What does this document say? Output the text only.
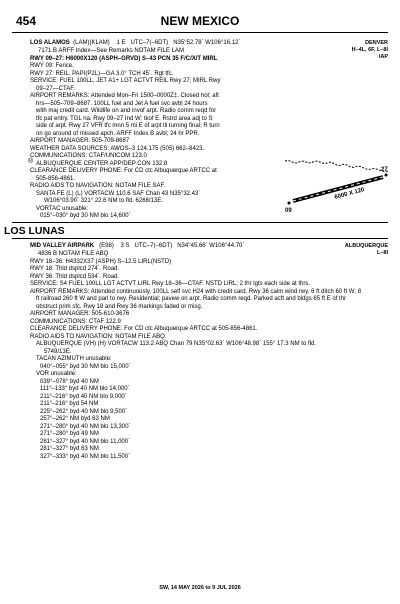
454	NEW MEXICO
LOS ALAMOS (LAM)(KLAM) 1 E UTC–7(–6DT) N35°52.78´ W106°16.12´	DENVER
H–4L, 6F, L–8I
IAP
7171 B ARFF Index—See Remarks NOTAM FILE LAM
RWY 09–27: H6000X120 (ASPH–GRVD) S–43 PCN 35 F/C/X/T MIRL
RWY 09: Fence.
RWY 27: REIL. PAPI(P2L)—GA 3.0° TCH 45´. Rgt tfc.
SERVICE: FUEL 100LL, JET A1+ LGT ACTVT REIL Rwy 27; MIRL Rwy
09–27—CTAF.
AIRPORT REMARKS: Attended Mon–Fri 1500–0000Z‡. Closed hol; aft
hrs—505–709–8687. 100LL fuel and Jet A fuel svc avbl 24 hours
with maj credit card. Wildlife on and invof arpt. Radio comm reqd for
tfc pat entry. TGL na. Rwy 09–27 Ind W; tkof E. Rstrd area adj to S
side of arpt. Rwy 27 VFR tfc mnn 5 mi E of arpt til turning final; R turn
on go around of missed apch. ARFF Index B avbl; 24 hr PPR.
AIRPORT MANAGER: 505-709-8687
WEATHER DATA SOURCES: AWOS–3 124.175 (505) 662–8423.
COMMUNICATIONS: CTAF/UNICOM 123.0
® ALBUQUERQUE CENTER APP/DEP CON 132.8
CLEARANCE DELIVERY PHONE: For CD ctc Albuquerque ARTCC at
505-856-4861.
RADIO AIDS TO NAVIGATION: NOTAM FILE SAF.
SANTA FE (L) (L) VORTACW 110.6 SAF Chan 43 N35°32.43´
W106°03.90´ 321° 22.6 NM to fld. 6268/13E.
VORTAC unusable:
015°–030° byd 30 NM blo 14,600´
09
27
6000 X 120
LOS LUNAS
MID VALLEY AIRPARK (E98) 3 S UTC–7(–6DT) N34°45.66´ W106°44.70´	ALBUQUERQUE
L–8I
4836 B NOTAM FILE ABQ
RWY 18–36: H4332X37 (ASPH) S–12.5 LIRL(NSTD)
RWY 18: Thld dsplcd 274´. Road.
RWY 36: Thld dsplcd 534´. Road.
SERVICE: S4 FUEL 100LL LGT ACTVT LIRL Rwy 18–36—CTAF. NSTD LIRL; 2 thr lgts each side at thrs.
AIRPORT REMARKS: Attended continuously. 100LL self svc H24 with credit card. Rwy 36 calm wind rwy. 6 ft ditch 60 ft W; 8
ft railroad 260 ft W and parl to rwy. Residential; pavew on arpt. Radio comm reqd. Parked acft and bldgs 65 ft E of thr
obstruct prim sfc. Rwy 18 and Rwy 36 markings faded or misg.
AIRPORT MANAGER: 505-610-3676
COMMUNICATIONS: CTAF 122.9
CLEARANCE DELIVERY PHONE: For CD ctc Albuquerque ARTCC at 505-856-4861.
RADIO AIDS TO NAVIGATION: NOTAM FILE ABQ.
ALBUQUERQUE (VH) (H) VORTACW 113.2 ABQ Chan 79 N35°02.63´ W106°48.98´ 155° 17.3 NM to fld.
5749/13E.
TACAN AZIMUTH unusable:
040°–055° byd 30 NM blo 15,000´
VOR unusable:
039°–078° byd 40 NM
111°–133° byd 40 NM blo 14,000´
211°–216° byd 40 NM blo 9,000´
211°–216° byd 54 NM
225°–262° byd 40 NM blo 9,500´
257°–262° NM byd 63 NM
271°–280° byd 40 NM blo 13,300´
271°–280° byd 49 NM
281°–327° byd 40 NM blo 11,000´
281°–327° byd 63 NM
327°–333° byd 40 NM blo 11,500´
SW, 14 MAY 2026 to 9 JUL 2026
